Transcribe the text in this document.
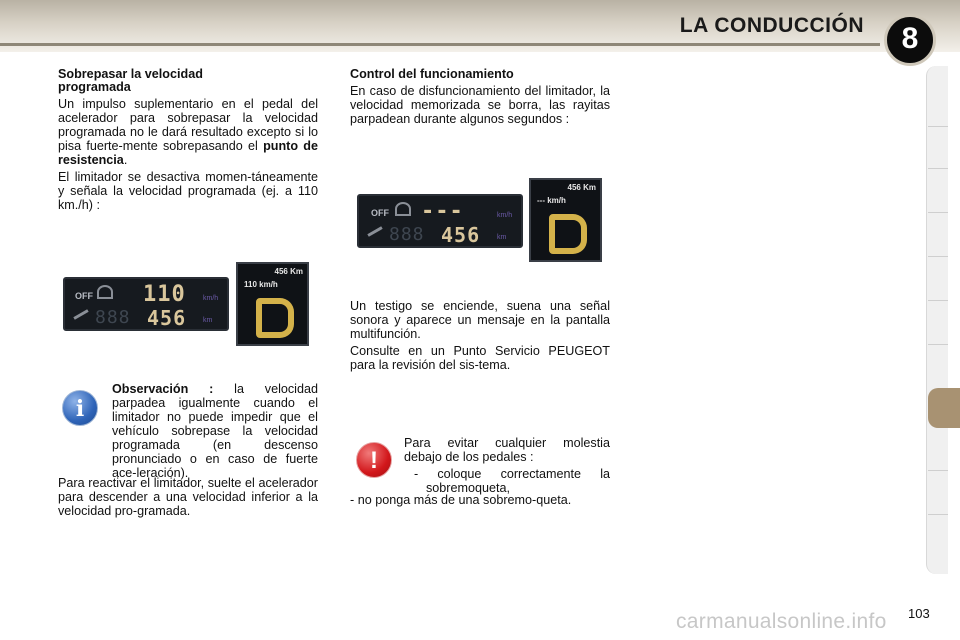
LA CONDUCCIÓN	8
Sobrepasar la velocidad programada

Un impulso suplementario en el pedal del acelerador para sobrepasar la velocidad programada no le dará resultado excepto si lo pisa fuerte-mente sobrepasando el punto de resistencia.

El limitador se desactiva momen-táneamente y señala la velocidad programada (ej. a 110 km./h) :

OFF 110 km/h
888 456 km
456 Km
110 km/h
i

Observación : la velocidad parpadea igualmente cuando el limitador no puede impedir que el vehículo sobrepase la velocidad programada (en descenso pronunciado o en caso de fuerte ace-leración).

Para reactivar el limitador, suelte el acelerador para descender a una velocidad inferior a la velocidad pro-gramada.

Control del funcionamiento

En caso de disfuncionamiento del limitador, la velocidad memorizada se borra, las rayitas parpadean durante algunos segundos :

OFF ---	km/h
888 456 km
456 Km
--- km/h

Un testigo se enciende, suena una señal sonora y aparece un mensaje en la pantalla multifunción.

Consulte en un Punto Servicio PEUGEOT para la revisión del sis-tema.

!

Para evitar cualquier molestia debajo de los pedales :

- coloque correctamente la sobremoqueta,

- no ponga más de una sobremo-queta.

carmanualsonline.info 103
